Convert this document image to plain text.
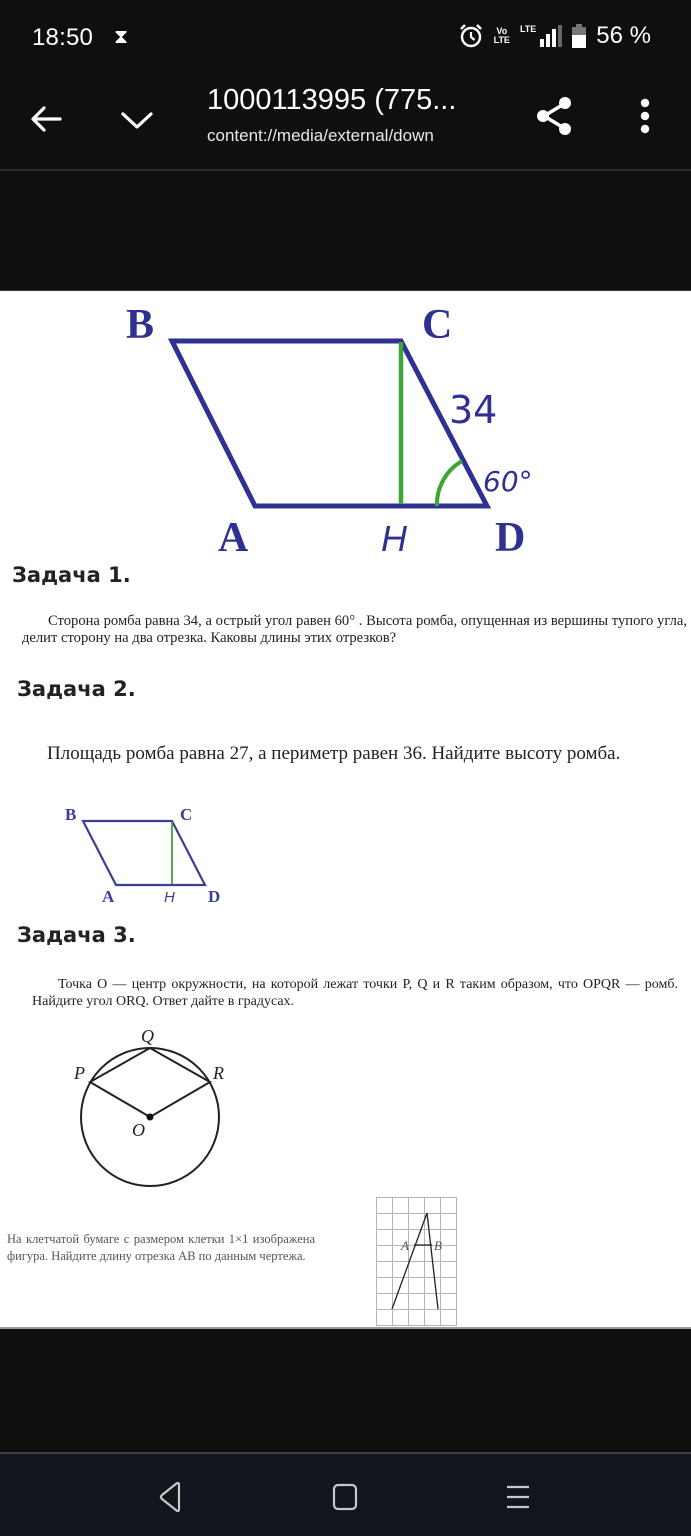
18:50 ⧗	Vo
LTE
LTE	56 %
1000113995 (775...
content://media/external/down
B	C
A	H D
34
60°
Задача 1.
Сторона ромба равна 34, а острый угол равен 60° . Высота ромба, опущенная из вершины тупого угла, делит сторону на два отрезка. Каковы длины этих отрезков?
Задача 2.
Площадь ромба равна 27, а периметр равен 36. Найдите высоту ромба.
B	C
A	H D
Задача 3.
Точка O — центр окружности, на которой лежат точки P, Q и R таким образом, что OPQR — ромб. Найдите угол ORQ. Ответ дайте в градусах.
Q
P	R
O
На клетчатой бумаге с размером клетки 1×1 изображена фигура. Найдите длину отрезка AB по данным чертежа.
A B
